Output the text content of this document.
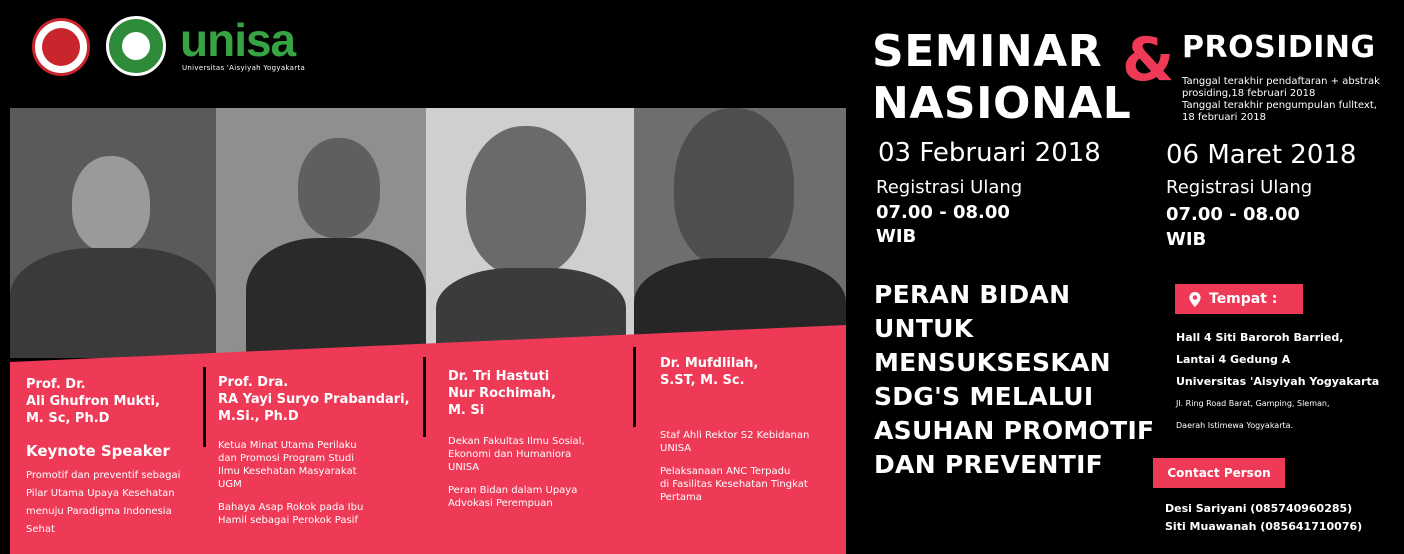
unisa
Universitas 'Aisyiyah Yogyakarta
Prof. Dr.
Ali Ghufron Mukti,
M. Sc, Ph.D
Keynote Speaker
Promotif dan preventif sebagai
Pilar Utama Upaya Kesehatan
menuju Paradigma Indonesia
Sehat
Prof. Dra.
RA Yayi Suryo Prabandari,
M.Si., Ph.D
Ketua Minat Utama Perilaku
dan Promosi Program Studi
Ilmu Kesehatan Masyarakat
UGM
Bahaya Asap Rokok pada Ibu
Hamil sebagai Perokok Pasif
Dr. Tri Hastuti
Nur Rochimah,
M. Si
Dekan Fakultas Ilmu Sosial,
Ekonomi dan Humaniora
UNISA
Peran Bidan dalam Upaya
Advokasi Perempuan
Dr. Mufdlilah,
S.ST, M. Sc.
Staf Ahli Rektor S2 Kebidanan
UNISA
Pelaksanaan ANC Terpadu
di Fasilitas Kesehatan Tingkat
Pertama
SEMINAR
NASIONAL
&
03 Februari 2018
Registrasi Ulang
07.00 - 08.00
WIB
PROSIDING
Tanggal terakhir pendaftaran + abstrak
prosiding,18 februari 2018
Tanggal terakhir pengumpulan fulltext,
18 februari 2018
06 Maret 2018
Registrasi Ulang
07.00 - 08.00
WIB
PERAN BIDAN
UNTUK
MENSUKSESKAN
SDG'S MELALUI
ASUHAN PROMOTIF
DAN PREVENTIF
Tempat :
Hall 4 Siti Baroroh Barried,
Lantai 4 Gedung A
Universitas 'Aisyiyah Yogyakarta
Jl. Ring Road Barat, Gamping, Sleman,
Daerah Istimewa Yogyakarta.
Contact Person
Desi Sariyani (085740960285)
Siti Muawanah (085641710076)
